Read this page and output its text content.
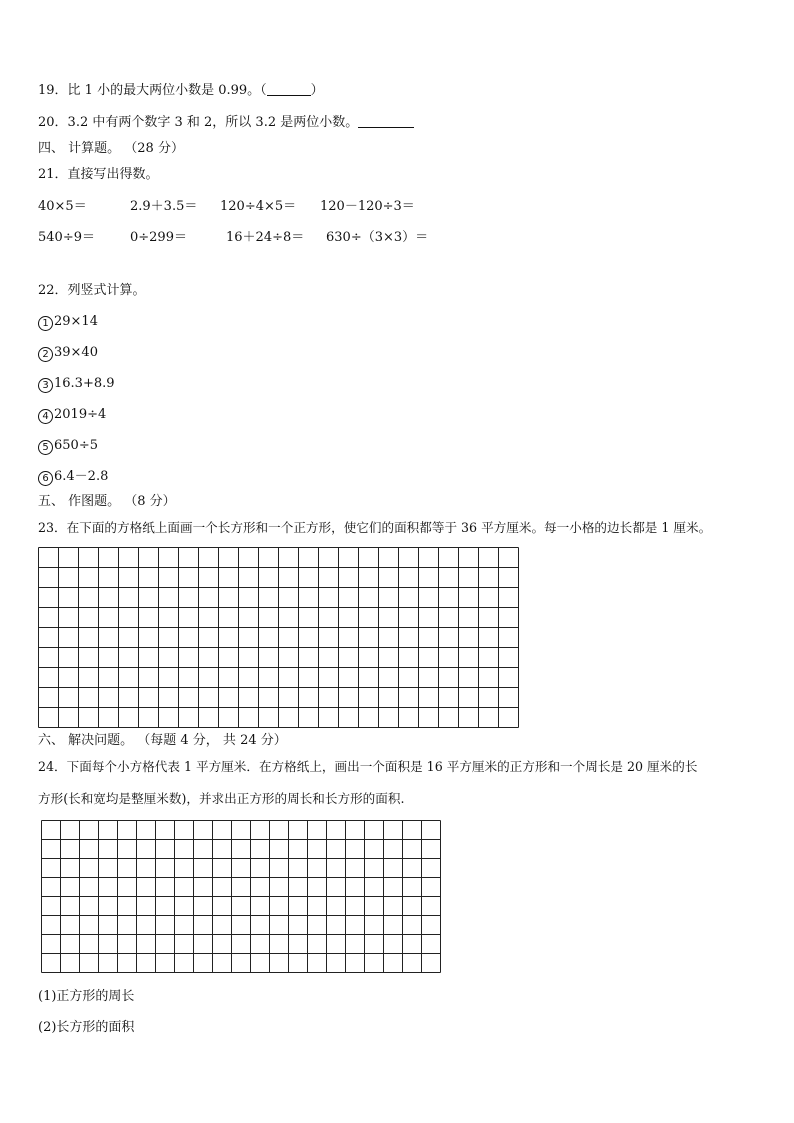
19．比 1 小的最大两位小数是 0.99。（	）
20．3.2 中有两个数字 3 和 2，所以 3.2 是两位小数。
四、 计算题。 （28 分）
21．直接写出得数。
40×5＝	2.9＋3.5＝ 120÷4×5＝ 120－120÷3＝
540÷9＝	0÷299＝	16＋24÷8＝ 630÷（3×3）＝
22．列竖式计算。
1 29×14
2 39×40
3 16.3+8.9
4 2019÷4
5 650÷5
6 6.4－2.8
五、 作图题。 （8 分）
23．在下面的方格纸上面画一个长方形和一个正方形，使它们的面积都等于 36 平方厘米。每一小格的边长都是 1 厘米。
六、 解决问题。 （每题 4 分， 共 24 分）
24．下面每个小方格代表 1 平方厘米．在方格纸上，画出一个面积是 16 平方厘米的正方形和一个周长是 20 厘米的长
方形(长和宽均是整厘米数)，并求出正方形的周长和长方形的面积.
(1)正方形的周长
(2)长方形的面积
